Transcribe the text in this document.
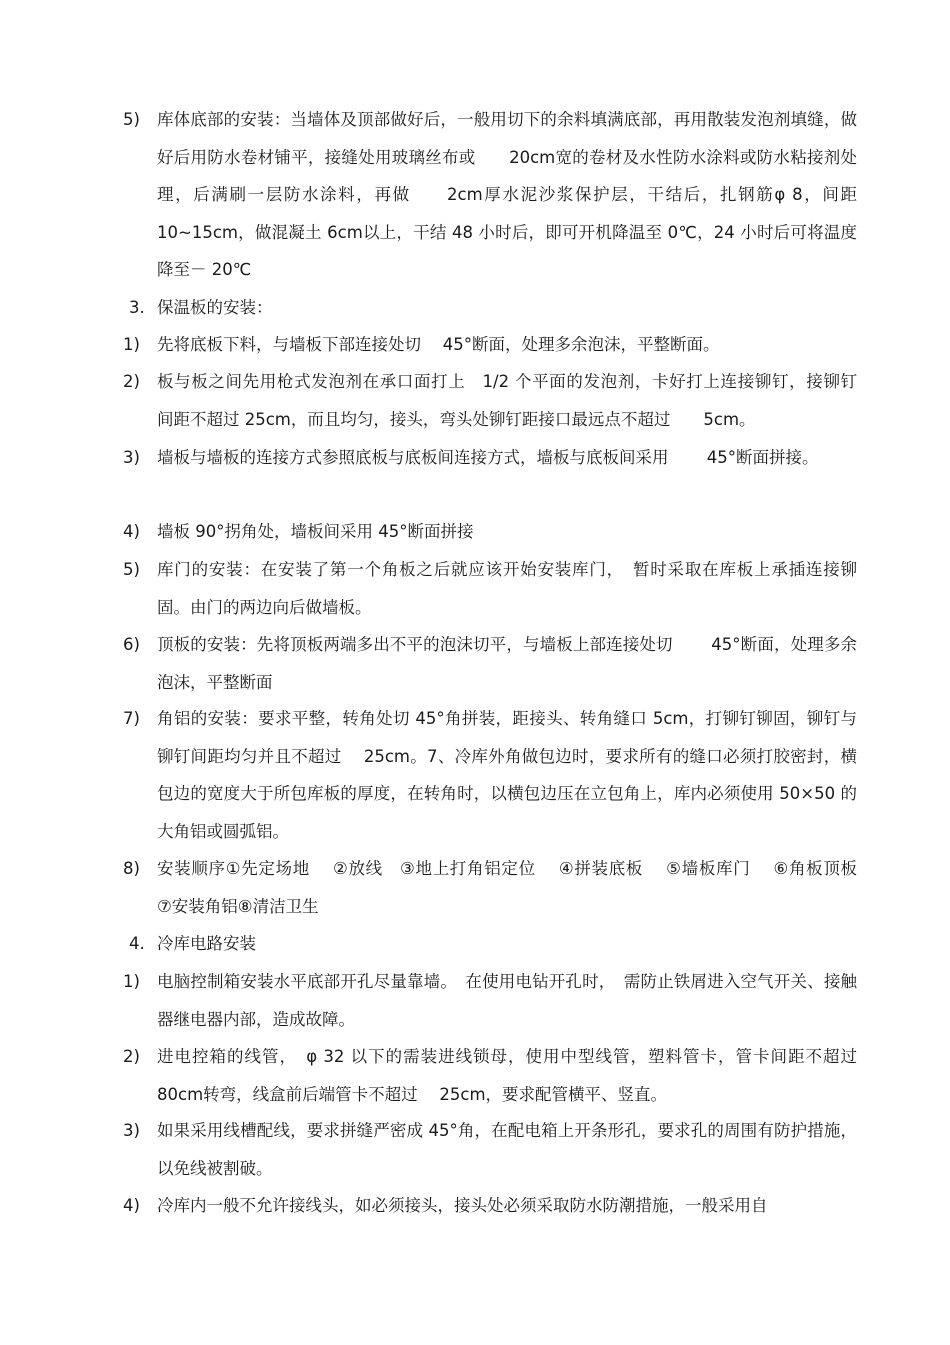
5) 库体底部的安装：当墙体及顶部做好后，一般用切下的余料填满底部，再用散装发泡剂填缝，做好后用防水卷材铺平，接缝处用玻璃丝布或　　20cm宽的卷材及水性防水涂料或防水粘接剂处理，后满刷一层防水涂料，再做　　2cm厚水泥沙浆保护层，干结后，扎钢筋φ 8，间距 10~15cm，做混凝土 6cm以上，干结 48 小时后，即可开机降温至 0℃，24 小时后可将温度降至－ 20℃
3. 保温板的安装：
1) 先将底板下料，与墙板下部连接处切　 45°断面，处理多余泡沫，平整断面。
2) 板与板之间先用枪式发泡剂在承口面打上　1/2 个平面的发泡剂，卡好打上连接铆钉，接铆钉　间距不超过 25cm，而且均匀，接头，弯头处铆钉距接口最远点不超过　　5cm。
3) 墙板与墙板的连接方式参照底板与底板间连接方式，墙板与底板间采用　　 45°断面拼接。
4) 墙板 90°拐角处，墙板间采用 45°断面拼接
5) 库门的安装：在安装了第一个角板之后就应该开始安装库门，　暂时采取在库板上承插连接铆固。由门的两边向后做墙板。
6) 顶板的安装：先将顶板两端多出不平的泡沫切平，与墙板上部连接处切　　 45°断面，处理多余　　　泡沫，平整断面
7) 角铝的安装：要求平整，转角处切 45°角拼装，距接头、转角缝口 5cm，打铆钉铆固，铆钉与铆钉间距均匀并且不超过　 25cm。7、冷库外角做包边时，要求所有的缝口必须打胶密封，横包边的宽度大于所包库板的厚度，在转角时，以横包边压在立包角上，库内必须使用 50×50 的大角铝或圆弧铝。
8) 安装顺序①先定场地　 ②放线　③地上打角铝定位　 ④拼装底板　 ⑤墙板库门　 ⑥角板顶板　 ⑦安装角铝⑧清洁卫生
4. 冷库电路安装
1) 电脑控制箱安装水平底部开孔尽量靠墙。　在使用电钻开孔时，　需防止铁屑进入空气开关、接触器继电器内部，造成故障。
2) 进电控箱的线管，　φ 32 以下的需装进线锁母，使用中型线管，塑料管卡，管卡间距不超过 80cm转弯，线盒前后端管卡不超过　 25cm，要求配管横平、竖直。
3) 如果采用线槽配线，要求拼缝严密成 45°角，在配电箱上开条形孔，要求孔的周围有防护措施，以免线被割破。
4) 冷库内一般不允许接线头，如必须接头，接头处必须采取防水防潮措施，一般采用自
